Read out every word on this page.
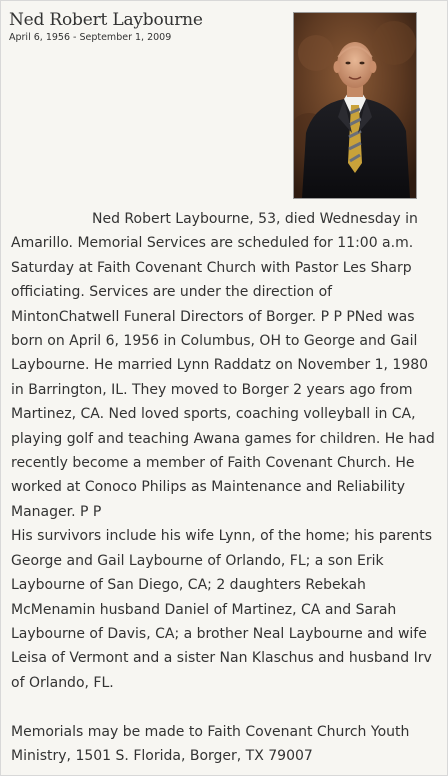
Ned Robert Laybourne
April 6, 1956 - September 1, 2009
Ned Robert Laybourne, 53, died Wednesday in
Amarillo. Memorial Services are scheduled for 11:00 a.m.
Saturday at Faith Covenant Church with Pastor Les Sharp
officiating. Services are under the direction of
MintonChatwell Funeral Directors of Borger. P P PNed was
born on April 6, 1956 in Columbus, OH to George and Gail
Laybourne. He married Lynn Raddatz on November 1, 1980
in Barrington, IL. They moved to Borger 2 years ago from
Martinez, CA. Ned loved sports, coaching volleyball in CA,
playing golf and teaching Awana games for children. He had
recently become a member of Faith Covenant Church. He
worked at Conoco Philips as Maintenance and Reliability
Manager. P P
His survivors include his wife Lynn, of the home; his parents
George and Gail Laybourne of Orlando, FL; a son Erik
Laybourne of San Diego, CA; 2 daughters Rebekah
McMenamin husband Daniel of Martinez, CA and Sarah
Laybourne of Davis, CA; a brother Neal Laybourne and wife
Leisa of Vermont and a sister Nan Klaschus and husband Irv
of Orlando, FL.
Memorials may be made to Faith Covenant Church Youth
Ministry, 1501 S. Florida, Borger, TX 79007
